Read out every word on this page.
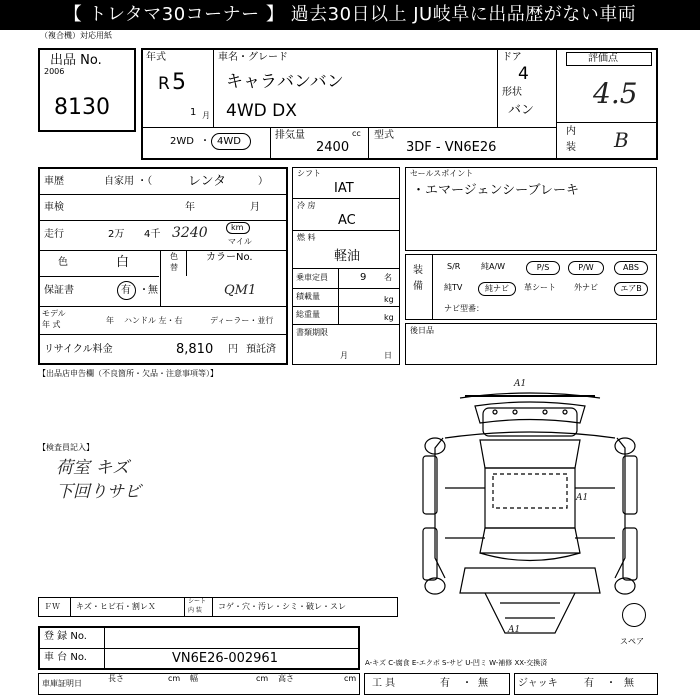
【 トレタマ30コーナー 】 過去30日以上 JU岐阜に出品歴がない車両
（複合機）対応用紙
出品 No.
2006
8130
年式
R 5
1 月
車名・グレード
キャラバンバン
4WD DX
ドア
4
形状
バン
評価点
4.5
内
装 B
2WD ・ 4WD
排気量	cc
2400
型式
3DF - VN6E26
車歴	自家用 ・（	レンタ	）
車検	年	月
走行	2万 4千 3240	km
マイル
色	白	色
替
カラーNo.
QM1
保証書	有 ・ 無
モデル
年 式	年 ハンドル 左・右	ディーラー・並行
リサイクル料金	8,810 円 預託済
シフト
IAT
冷 房
AC
燃 料
軽油
乗車定員	9 名
積載量	kg
総重量	kg
書類期限
月	日
セールスポイント
・エマージェンシーブレーキ
装
備
S/R	純A/W	P/S	P/W	ABS
純TV	純ナビ	革シート 外ナビ	エアB
ナビ型番：
後日品
【出品店申告欄（不良箇所・欠品・注意事項等）】
【検査員記入】
荷室 キズ
下回りサビ
A1
A1
A1
スペア
ＦＷ キズ・ヒビ石・割レＸ
シート
内 装 コゲ・穴・汚レ・シミ・破レ・スレ
登 録 No.
車 台 No.	VN6E26-002961
車庫証明日
長さ	cm 幅	cm 高さ	cm
A-キズ C-腐食 E-エクボ S-サビ U-凹ミ W-補修 XX-交換済
工 具	有 ・ 無	ジャッキ	有 ・ 無
